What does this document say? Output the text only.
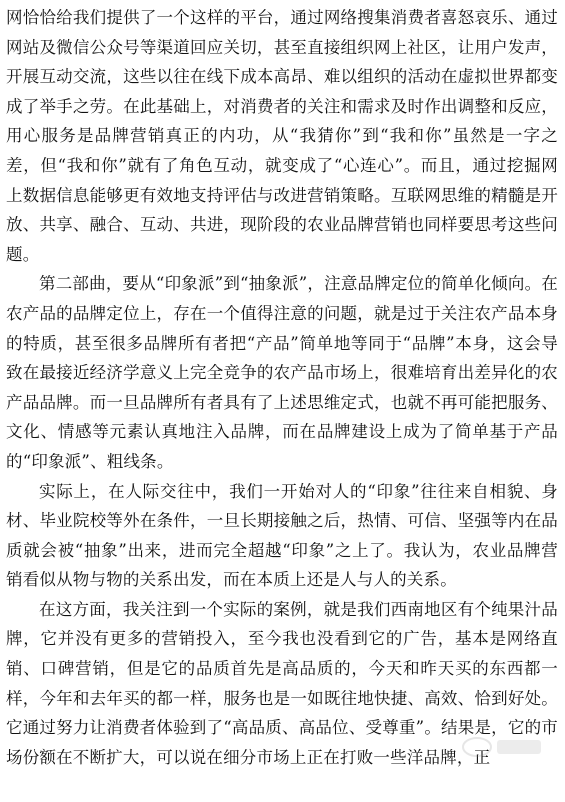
网恰恰给我们提供了一个这样的平台，通过网络搜集消费者喜怒哀乐、通过网站及微信公众号等渠道回应关切，甚至直接组织网上社区，让用户发声，开展互动交流，这些以往在线下成本高昂、难以组织的活动在虚拟世界都变成了举手之劳。在此基础上，对消费者的关注和需求及时作出调整和反应，用心服务是品牌营销真正的内功，从“我猜你”到“我和你”虽然是一字之差，但“我和你”就有了角色互动，就变成了“心连心”。而且，通过挖掘网上数据信息能够更有效地支持评估与改进营销策略。互联网思维的精髓是开放、共享、融合、互动、共进，现阶段的农业品牌营销也同样要思考这些问题。

第二部曲，要从“印象派”到“抽象派”，注意品牌定位的简单化倾向。在农产品的品牌定位上，存在一个值得注意的问题，就是过于关注农产品本身的特质，甚至很多品牌所有者把“产品”简单地等同于“品牌”本身，这会导致在最接近经济学意义上完全竞争的农产品市场上，很难培育出差异化的农产品品牌。而一旦品牌所有者具有了上述思维定式，也就不再可能把服务、文化、情感等元素认真地注入品牌，而在品牌建设上成为了简单基于产品的“印象派”、粗线条。

实际上，在人际交往中，我们一开始对人的“印象”往往来自相貌、身材、毕业院校等外在条件，一旦长期接触之后，热情、可信、坚强等内在品质就会被“抽象”出来，进而完全超越“印象”之上了。我认为，农业品牌营销看似从物与物的关系出发，而在本质上还是人与人的关系。

在这方面，我关注到一个实际的案例，就是我们西南地区有个纯果汁品牌，它并没有更多的营销投入，至今我也没看到它的广告，基本是网络直销、口碑营销，但是它的品质首先是高品质的，今天和昨天买的东西都一样，今年和去年买的都一样，服务也是一如既往地快捷、高效、恰到好处。它通过努力让消费者体验到了“高品质、高品位、受尊重”。结果是，它的市场份额在不断扩大，可以说在细分市场上正在打败一些洋品牌，正
